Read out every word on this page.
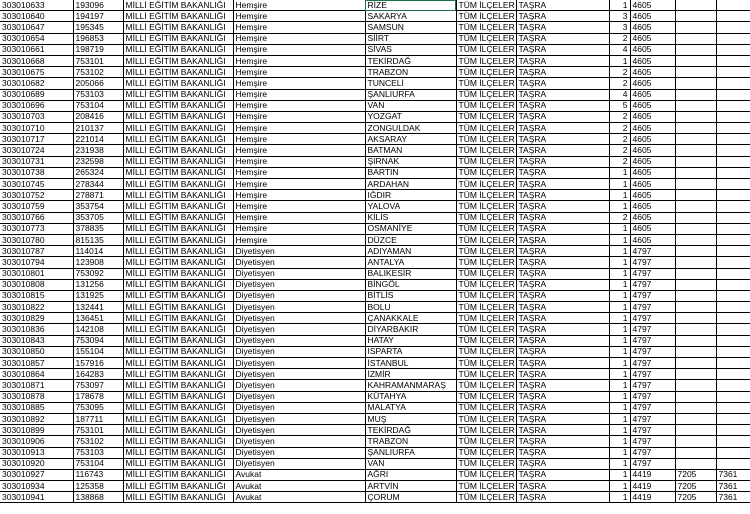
303010633	193096	MİLLİ EĞİTİM BAKANLIĞI	Hemşire	RİZE	TÜM İLÇELER	TAŞRA	1	4605		
303010640	194197	MİLLİ EĞİTİM BAKANLIĞI	Hemşire	SAKARYA	TÜM İLÇELER	TAŞRA	3	4605		
303010647	195345	MİLLİ EĞİTİM BAKANLIĞI	Hemşire	SAMSUN	TÜM İLÇELER	TAŞRA	3	4605		
303010654	196853	MİLLİ EĞİTİM BAKANLIĞI	Hemşire	SİİRT	TÜM İLÇELER	TAŞRA	2	4605		
303010661	198719	MİLLİ EĞİTİM BAKANLIĞI	Hemşire	SİVAS	TÜM İLÇELER	TAŞRA	4	4605		
303010668	753101	MİLLİ EĞİTİM BAKANLIĞI	Hemşire	TEKİRDAĞ	TÜM İLÇELER	TAŞRA	1	4605		
303010675	753102	MİLLİ EĞİTİM BAKANLIĞI	Hemşire	TRABZON	TÜM İLÇELER	TAŞRA	2	4605		
303010682	205066	MİLLİ EĞİTİM BAKANLIĞI	Hemşire	TUNCELİ	TÜM İLÇELER	TAŞRA	2	4605		
303010689	753103	MİLLİ EĞİTİM BAKANLIĞI	Hemşire	ŞANLIURFA	TÜM İLÇELER	TAŞRA	4	4605		
303010696	753104	MİLLİ EĞİTİM BAKANLIĞI	Hemşire	VAN	TÜM İLÇELER	TAŞRA	5	4605		
303010703	208416	MİLLİ EĞİTİM BAKANLIĞI	Hemşire	YOZGAT	TÜM İLÇELER	TAŞRA	2	4605		
303010710	210137	MİLLİ EĞİTİM BAKANLIĞI	Hemşire	ZONGULDAK	TÜM İLÇELER	TAŞRA	2	4605		
303010717	221014	MİLLİ EĞİTİM BAKANLIĞI	Hemşire	AKSARAY	TÜM İLÇELER	TAŞRA	2	4605		
303010724	231938	MİLLİ EĞİTİM BAKANLIĞI	Hemşire	BATMAN	TÜM İLÇELER	TAŞRA	2	4605		
303010731	232598	MİLLİ EĞİTİM BAKANLIĞI	Hemşire	ŞIRNAK	TÜM İLÇELER	TAŞRA	2	4605		
303010738	265324	MİLLİ EĞİTİM BAKANLIĞI	Hemşire	BARTIN	TÜM İLÇELER	TAŞRA	1	4605		
303010745	278344	MİLLİ EĞİTİM BAKANLIĞI	Hemşire	ARDAHAN	TÜM İLÇELER	TAŞRA	1	4605		
303010752	278871	MİLLİ EĞİTİM BAKANLIĞI	Hemşire	IĞDIR	TÜM İLÇELER	TAŞRA	1	4605		
303010759	353754	MİLLİ EĞİTİM BAKANLIĞI	Hemşire	YALOVA	TÜM İLÇELER	TAŞRA	1	4605		
303010766	353705	MİLLİ EĞİTİM BAKANLIĞI	Hemşire	KİLİS	TÜM İLÇELER	TAŞRA	2	4605		
303010773	378835	MİLLİ EĞİTİM BAKANLIĞI	Hemşire	OSMANİYE	TÜM İLÇELER	TAŞRA	1	4605		
303010780	815135	MİLLİ EĞİTİM BAKANLIĞI	Hemşire	DÜZCE	TÜM İLÇELER	TAŞRA	1	4605		
303010787	114014	MİLLİ EĞİTİM BAKANLIĞI	Diyetisyen	ADIYAMAN	TÜM İLÇELER	TAŞRA	1	4797		
303010794	123908	MİLLİ EĞİTİM BAKANLIĞI	Diyetisyen	ANTALYA	TÜM İLÇELER	TAŞRA	1	4797		
303010801	753092	MİLLİ EĞİTİM BAKANLIĞI	Diyetisyen	BALIKESİR	TÜM İLÇELER	TAŞRA	1	4797		
303010808	131256	MİLLİ EĞİTİM BAKANLIĞI	Diyetisyen	BİNGÖL	TÜM İLÇELER	TAŞRA	1	4797		
303010815	131925	MİLLİ EĞİTİM BAKANLIĞI	Diyetisyen	BİTLİS	TÜM İLÇELER	TAŞRA	1	4797		
303010822	132441	MİLLİ EĞİTİM BAKANLIĞI	Diyetisyen	BOLU	TÜM İLÇELER	TAŞRA	1	4797		
303010829	136451	MİLLİ EĞİTİM BAKANLIĞI	Diyetisyen	ÇANAKKALE	TÜM İLÇELER	TAŞRA	1	4797		
303010836	142108	MİLLİ EĞİTİM BAKANLIĞI	Diyetisyen	DİYARBAKIR	TÜM İLÇELER	TAŞRA	1	4797		
303010843	753094	MİLLİ EĞİTİM BAKANLIĞI	Diyetisyen	HATAY	TÜM İLÇELER	TAŞRA	1	4797		
303010850	155104	MİLLİ EĞİTİM BAKANLIĞI	Diyetisyen	ISPARTA	TÜM İLÇELER	TAŞRA	1	4797		
303010857	157916	MİLLİ EĞİTİM BAKANLIĞI	Diyetisyen	İSTANBUL	TÜM İLÇELER	TAŞRA	1	4797		
303010864	164283	MİLLİ EĞİTİM BAKANLIĞI	Diyetisyen	İZMİR	TÜM İLÇELER	TAŞRA	1	4797		
303010871	753097	MİLLİ EĞİTİM BAKANLIĞI	Diyetisyen	KAHRAMANMARAŞ	TÜM İLÇELER	TAŞRA	1	4797		
303010878	178678	MİLLİ EĞİTİM BAKANLIĞI	Diyetisyen	KÜTAHYA	TÜM İLÇELER	TAŞRA	1	4797		
303010885	753095	MİLLİ EĞİTİM BAKANLIĞI	Diyetisyen	MALATYA	TÜM İLÇELER	TAŞRA	1	4797		
303010892	187711	MİLLİ EĞİTİM BAKANLIĞI	Diyetisyen	MUŞ	TÜM İLÇELER	TAŞRA	1	4797		
303010899	753101	MİLLİ EĞİTİM BAKANLIĞI	Diyetisyen	TEKİRDAĞ	TÜM İLÇELER	TAŞRA	1	4797		
303010906	753102	MİLLİ EĞİTİM BAKANLIĞI	Diyetisyen	TRABZON	TÜM İLÇELER	TAŞRA	1	4797		
303010913	753103	MİLLİ EĞİTİM BAKANLIĞI	Diyetisyen	ŞANLIURFA	TÜM İLÇELER	TAŞRA	1	4797		
303010920	753104	MİLLİ EĞİTİM BAKANLIĞI	Diyetisyen	VAN	TÜM İLÇELER	TAŞRA	1	4797		
303010927	116743	MİLLİ EĞİTİM BAKANLIĞI	Avukat	AĞRI	TÜM İLÇELER	TAŞRA	1	4419	7205	7361
303010934	125358	MİLLİ EĞİTİM BAKANLIĞI	Avukat	ARTVİN	TÜM İLÇELER	TAŞRA	1	4419	7205	7361
303010941	138868	MİLLİ EĞİTİM BAKANLIĞI	Avukat	ÇORUM	TÜM İLÇELER	TAŞRA	1	4419	7205	7361
